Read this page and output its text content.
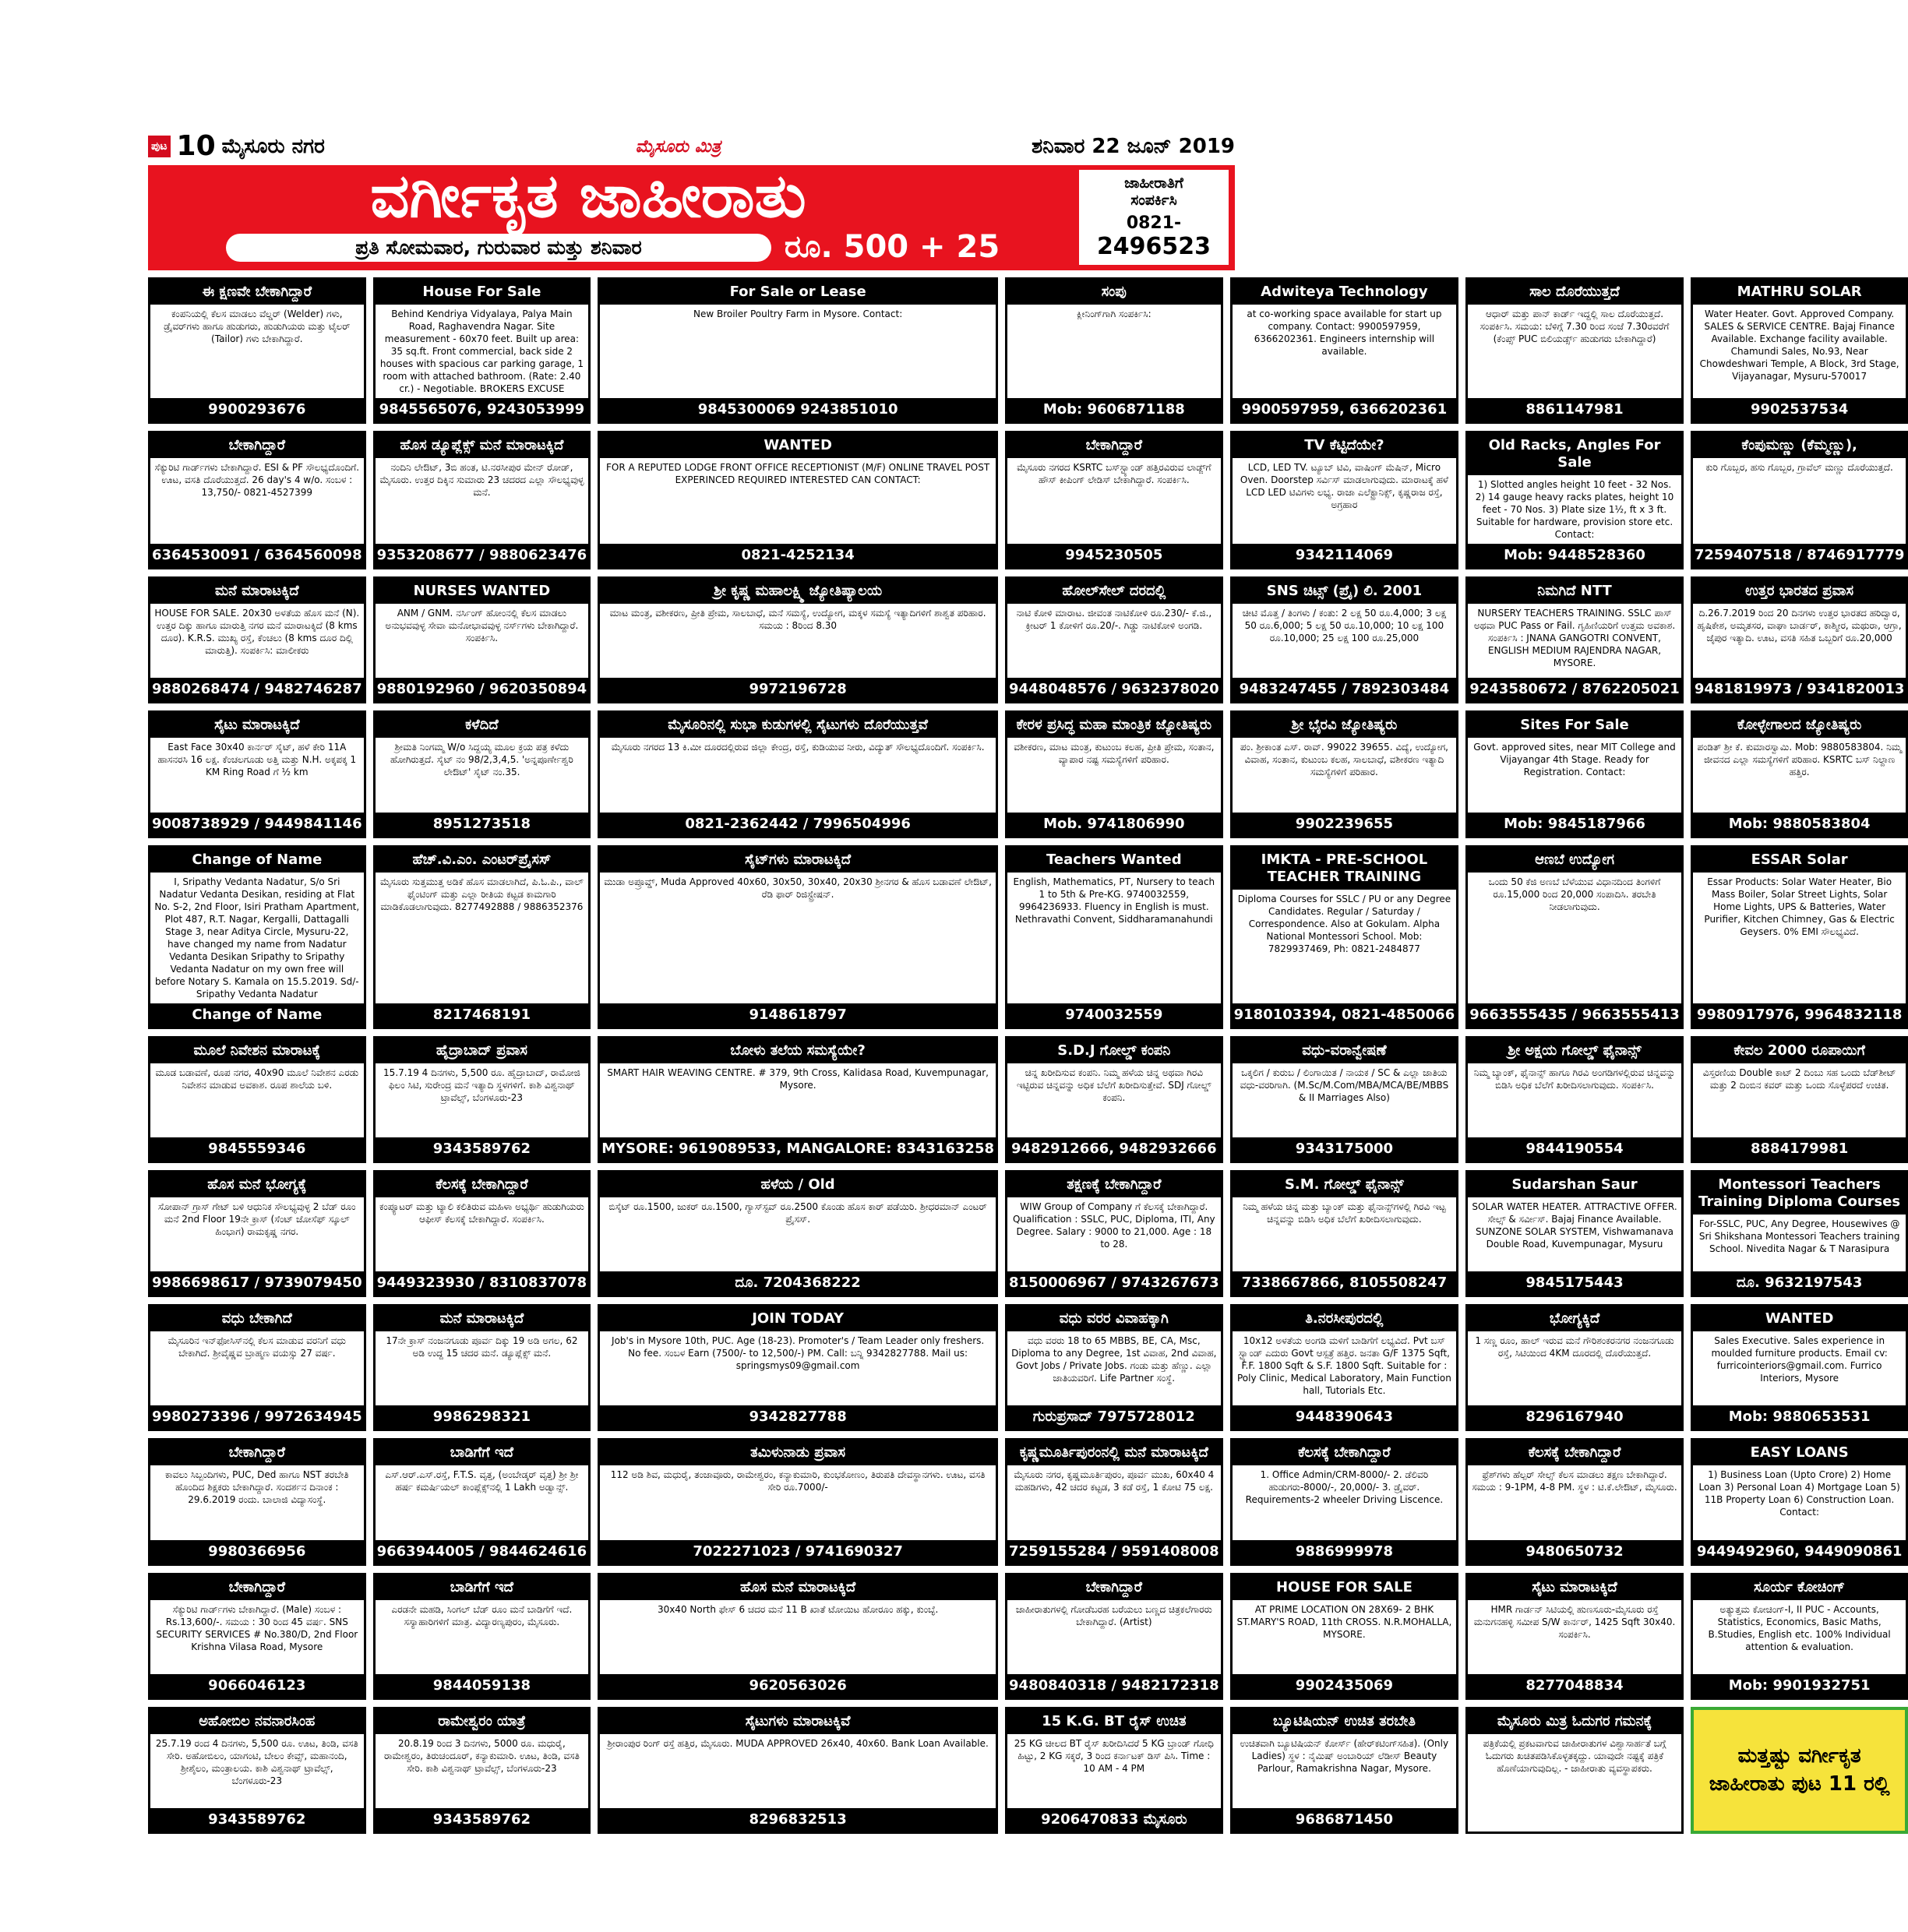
ಪುಟ 10 ಮೈಸೂರು ನಗರ	ಮೈಸೂರು ಮಿತ್ರ	ಶನಿವಾರ 22 ಜೂನ್ 2019
ವರ್ಗೀಕೃತ ಜಾಹೀರಾತು
ಪ್ರತಿ ಸೋಮವಾರ, ಗುರುವಾರ ಮತ್ತು ಶನಿವಾರ	ರೂ. 500 + 25
ಜಾಹೀರಾತಿಗೆ
ಸಂಪರ್ಕಿಸಿ
0821-
2496523
ಈ ಕ್ಷಣವೇ ಬೇಕಾಗಿದ್ದಾರೆ
ಕಂಪನಿಯಲ್ಲಿ ಕೆಲಸ ಮಾಡಲು ವೆಲ್ಡರ್ (Welder) ಗಳು, ಡ್ರೈವರ್‌ಗಳು ಹಾಗೂ ಹುಡುಗರು, ಹುಡುಗಿಯರು ಮತ್ತು ಟೈಲರ್ (Tailor) ಗಳು ಬೇಕಾಗಿದ್ದಾರೆ.
9900293676
House For Sale
Behind Kendriya Vidyalaya, Palya Main Road, Raghavendra Nagar. Site measurement - 60x70 feet. Built up area: 35 sq.ft. Front commercial, back side 2 houses with spacious car parking garage, 1 room with attached bathroom. (Rate: 2.40 cr.) - Negotiable. BROKERS EXCUSE
9845565076, 9243053999
For Sale or Lease
New Broiler Poultry Farm in Mysore. Contact:
9845300069 9243851010
ಸಂಪು
ಕ್ಲೀನಿಂಗ್‌ಗಾಗಿ ಸಂಪರ್ಕಿಸಿ:
Mob: 9606871188
Adwiteya Technology
at co-working space available for start up company. Contact: 9900597959, 6366202361. Engineers internship will available.
9900597959, 6366202361
ಸಾಲ ದೊರೆಯುತ್ತದೆ
ಆಧಾರ್ ಮತ್ತು ಪಾನ್ ಕಾರ್ಡ್ ಇದ್ದಲ್ಲಿ ಸಾಲ ದೊರೆಯುತ್ತದೆ. ಸಂಪರ್ಕಿಸಿ. ಸಮಯ: ಬೆಳಿಗ್ಗೆ 7.30 ರಿಂದ ಸಂಜೆ 7.30ರವರೆಗೆ (ಕೆಂಪ್ಸ್ PUC ಬಿಲಿಯರ್ಡ್ಸ್ ಹುಡುಗರು ಬೇಕಾಗಿದ್ದಾರೆ)
8861147981
MATHRU SOLAR
Water Heater. Govt. Approved Company. SALES & SERVICE CENTRE. Bajaj Finance Available. Exchange facility available. Chamundi Sales, No.93, Near Chowdeshwari Temple, A Block, 3rd Stage, Vijayanagar, Mysuru-570017
9902537534
ಬೇಕಾಗಿದ್ದಾರೆ
ಸೆಕ್ಯುರಿಟಿ ಗಾರ್ಡ್‌ಗಳು ಬೇಕಾಗಿದ್ದಾರೆ. ESI & PF ಸೌಲಭ್ಯದೊಂದಿಗೆ. ಊಟ, ವಸತಿ ದೊರೆಯುತ್ತದೆ. 26 day's 4 w/o. ಸಂಬಳ : 13,750/- 0821-4527399
6364530091 / 6364560098
ಹೊಸ ಡ್ಯೂಪ್ಲೆಕ್ಸ್ ಮನೆ ಮಾರಾಟಕ್ಕಿದೆ
ನಂದಿನಿ ಲೇಔಟ್, 3ಬಿ ಹಂತ, ಟಿ.ನರಸೀಪುರ ಮೇನ್ ರೋಡ್, ಮೈಸೂರು. ಉತ್ತರ ದಿಕ್ಕಿನ ಸುಮಾರು 23 ಚದರದ ಎಲ್ಲಾ ಸೌಲಭ್ಯವುಳ್ಳ ಮನೆ.
9353208677 / 9880623476
WANTED
FOR A REPUTED LODGE FRONT OFFICE RECEPTIONIST (M/F) ONLINE TRAVEL POST EXPERINCED REQUIRED INTERESTED CAN CONTACT:
0821-4252134
ಬೇಕಾಗಿದ್ದಾರೆ
ಮೈಸೂರು ನಗರದ KSRTC ಬಸ್‌ಸ್ಟ್ಯಾಂಡ್ ಹತ್ತಿರವಿರುವ ಲಾಡ್ಜ್‌ಗೆ ಹೌಸ್ ಕೀಪಿಂಗ್ ಲೇಡಿಸ್ ಬೇಕಾಗಿದ್ದಾರೆ. ಸಂಪರ್ಕಿಸಿ.
9945230505
TV ಕೆಟ್ಟಿದೆಯೇ?
LCD, LED TV. ಟ್ಯೂಬ್ ಟಿವಿ, ವಾಷಿಂಗ್ ಮೆಷಿನ್, Micro Oven. Doorstep ಸರ್ವಿಸ್ ಮಾಡಲಾಗುವುದು. ಮಾರಾಟಕ್ಕೆ ಹಳೆ LCD LED ಟಿವಿಗಳು ಲಭ್ಯ. ರಾಜಾ ಎಲೆಕ್ಟ್ರಾನಿಕ್ಸ್, ಕೃಷ್ಣರಾಜ ರಸ್ತೆ, ಅಗ್ರಹಾರ
9342114069
Old Racks, Angles For Sale
1) Slotted angles height 10 feet - 32 Nos. 2) 14 gauge heavy racks plates, height 10 feet - 70 Nos. 3) Plate size 1½, ft x 3 ft. Suitable for hardware, provision store etc. Contact:
Mob: 9448528360
ಕೆಂಪುಮಣ್ಣು (ಕೆಮ್ಮಣ್ಣು),
ಕುರಿ ಗೊಬ್ಬರ, ಹಸು ಗೊಬ್ಬರ, ಗ್ರಾವೆಲ್ ಮಣ್ಣು ದೊರೆಯುತ್ತದೆ.
7259407518 / 8746917779
ಮನೆ ಮಾರಾಟಕ್ಕಿದೆ
HOUSE FOR SALE. 20x30 ಅಳತೆಯ ಹೊಸ ಮನೆ (N). ಉತ್ತರ ದಿಕ್ಕು ಹಾಗೂ ಮಾರುತ್ತಿ ನಗರ ಮನೆ ಮಾರಾಟಕ್ಕಿದೆ (8 kms ದೂರ). K.R.S. ಮುಖ್ಯ ರಸ್ತೆ, ಕೆಂಚಲು (8 kms ದೂರ ದಿಲ್ಲಿ ಮಾರುತ್ತಿ). ಸಂಪರ್ಕಿಸಿ: ಮಾಲೀಕರು
9880268474 / 9482746287
NURSES WANTED
ANM / GNM. ನರ್ಸಿಂಗ್ ಹೋಂನಲ್ಲಿ ಕೆಲಸ ಮಾಡಲು ಅನುಭವವುಳ್ಳ ಸೇವಾ ಮನೋಭಾವವುಳ್ಳ ನರ್ಸ್‌ಗಳು ಬೇಕಾಗಿದ್ದಾರೆ. ಸಂಪರ್ಕಿಸಿ.
9880192960 / 9620350894
ಶ್ರೀ ಕೃಷ್ಣ ಮಹಾಲಕ್ಷ್ಮಿ ಜ್ಯೋತಿಷ್ಯಾಲಯ
ಮಾಟ ಮಂತ್ರ, ವಶೀಕರಣ, ಪ್ರೀತಿ ಪ್ರೇಮ, ಸಾಲಬಾಧೆ, ಮನೆ ಸಮಸ್ಯೆ, ಉದ್ಯೋಗ, ಮಕ್ಕಳ ಸಮಸ್ಯೆ ಇತ್ಯಾದಿಗಳಿಗೆ ಶಾಶ್ವತ ಪರಿಹಾರ. ಸಮಯ : 8ರಿಂದ 8.30
9972196728
ಹೋಲ್‌ಸೇಲ್ ದರದಲ್ಲಿ
ನಾಟಿ ಕೋಳಿ ಮಾರಾಟ. ಜೀವಂತ ನಾಟಿಕೋಳಿ ರೂ.230/- ಕೆ.ಜಿ., ಕ್ರೀಟರ್ 1 ಕೋಳಿಗೆ ರೂ.20/-. ಗಿಡ್ಡು ನಾಟಿಕೋಳಿ ಅಂಗಡಿ.
9448048576 / 9632378020
SNS ಚಿಟ್ಸ್ (ಪ್ರೈ) ಲಿ. 2001
ಚೀಟಿ ಮೊತ್ತ / ತಿಂಗಳು / ಕಂತು: 2 ಲಕ್ಷ 50 ರೂ.4,000; 3 ಲಕ್ಷ 50 ರೂ.6,000; 5 ಲಕ್ಷ 50 ರೂ.10,000; 10 ಲಕ್ಷ 100 ರೂ.10,000; 25 ಲಕ್ಷ 100 ರೂ.25,000
9483247455 / 7892303484
ನಿಮಗಿದೆ NTT
NURSERY TEACHERS TRAINING. SSLC ಪಾಸ್ ಅಥವಾ PUC Pass or Fail. ಗೃಹಿಣಿಯರಿಗೆ ಉತ್ತಮ ಅವಕಾಶ. ಸಂಪರ್ಕಿಸಿ : JNANA GANGOTRI CONVENT, ENGLISH MEDIUM RAJENDRA NAGAR, MYSORE.
9243580672 / 8762205021
ಉತ್ತರ ಭಾರತದ ಪ್ರವಾಸ
ದಿ.26.7.2019 ರಿಂದ 20 ದಿನಗಳು ಉತ್ತರ ಭಾರತದ ಹರಿದ್ವಾರ, ಹೃಷಿಕೇಶ, ಅಮೃತಸರ, ವಾಘಾ ಬಾರ್ಡರ್, ಕಾಶ್ಮೀರ, ಮಥುರಾ, ಆಗ್ರಾ, ಜೈಪುರ ಇತ್ಯಾದಿ. ಊಟ, ವಸತಿ ಸಹಿತ ಒಬ್ಬರಿಗೆ ರೂ.20,000
9481819973 / 9341820013
ಸೈಟು ಮಾರಾಟಕ್ಕಿದೆ
East Face 30x40 ಕಾರ್ನರ್ ಸೈಟ್, ಹಳೆ ಕೇರಿ 11A ಹಾಸನರಸಿ 16 ಲಕ್ಷ. ಕೆಂಚಲಗೂಡು ಅತ್ತಿ ಮತ್ತು N.H. ಅಕ್ಕಪಕ್ಕ 1 KM Ring Road ಗೆ ½ km
9008738929 / 9449841146
ಕಳೆದಿದೆ
ಶ್ರೀಮತಿ ನಿಂಗಮ್ಮ W/o ಸಿದ್ದಯ್ಯ ಮೂಲ ಕ್ರಯ ಪತ್ರ ಕಳೆದು ಹೋಗಿರುತ್ತದೆ. ಸೈಟ್ ನಂ 98/2,3,4,5. 'ಅನ್ನಪೂರ್ಣೇಶ್ವರಿ ಲೇಔಟ್' ಸೈಟ್ ನಂ.35.
8951273518
ಮೈಸೂರಿನಲ್ಲಿ ಸುಭಾ ಕುಡುಗಳಲ್ಲಿ ಸೈಟುಗಳು ದೊರೆಯುತ್ತವೆ
ಮೈಸೂರು ನಗರದ 13 ಕಿ.ಮೀ ದೂರದಲ್ಲಿರುವ ಜಿಲ್ಲಾ ಕೇಂದ್ರ, ರಸ್ತೆ, ಕುಡಿಯುವ ನೀರು, ವಿದ್ಯುತ್ ಸೌಲಭ್ಯದೊಂದಿಗೆ. ಸಂಪರ್ಕಿಸಿ.
0821-2362442 / 7996504996
ಕೇರಳ ಪ್ರಸಿದ್ಧ ಮಹಾ ಮಾಂತ್ರಿಕ ಜ್ಯೋತಿಷ್ಯರು
ವಶೀಕರಣ, ಮಾಟ ಮಂತ್ರ, ಕುಟುಂಬ ಕಲಹ, ಪ್ರೀತಿ ಪ್ರೇಮ, ಸಂತಾನ, ವ್ಯಾಪಾರ ನಷ್ಟ ಸಮಸ್ಯೆಗಳಿಗೆ ಪರಿಹಾರ.
Mob. 9741806990
ಶ್ರೀ ಭೈರವಿ ಜ್ಯೋತಿಷ್ಯರು
ಪಂ. ಶ್ರೀಕಾಂತ ಎಸ್. ರಾವ್. 99022 39655. ವಿದ್ಯೆ, ಉದ್ಯೋಗ, ವಿವಾಹ, ಸಂತಾನ, ಕುಟುಂಬ ಕಲಹ, ಸಾಲಬಾಧೆ, ವಶೀಕರಣ ಇತ್ಯಾದಿ ಸಮಸ್ಯೆಗಳಿಗೆ ಪರಿಹಾರ.
9902239655
Sites For Sale
Govt. approved sites, near MIT College and Vijayangar 4th Stage. Ready for Registration. Contact:
Mob: 9845187966
ಕೋಳ್ಳೇಗಾಲದ ಜ್ಯೋತಿಷ್ಯರು
ಪಂಡಿತ್ ಶ್ರೀ ಕೆ. ಕುಮಾರಸ್ವಾಮಿ. Mob: 9880583804. ನಿಮ್ಮ ಜೀವನದ ಎಲ್ಲಾ ಸಮಸ್ಯೆಗಳಿಗೆ ಪರಿಹಾರ. KSRTC ಬಸ್ ನಿಲ್ದಾಣ ಹತ್ತಿರ.
Mob: 9880583804
Change of Name
I, Sripathy Vedanta Nadatur, S/o Sri Nadatur Vedanta Desikan, residing at Flat No. S-2, 2nd Floor, Isiri Pratham Apartment, Plot 487, R.T. Nagar, Kergalli, Dattagalli Stage 3, near Aditya Circle, Mysuru-22, have changed my name from Nadatur Vedanta Desikan Sripathy to Sripathy Vedanta Nadatur on my own free will before Notary S. Kamala on 15.5.2019. Sd/- Sripathy Vedanta Nadatur
Change of Name
ಹೆಚ್.ವಿ.ಎಂ. ಎಂಟರ್‌ಪ್ರೈಸಸ್
ಮೈಸೂರು ಸುತ್ತಮುತ್ತ ಅಡಿಕೆ ಹೊಸ ಮಾಡಲಾಗಿದೆ, ಪಿ.ಓ.ಪಿ., ವಾಲ್ ಫೈಂಟಿಂಗ್ ಮತ್ತು ಎಲ್ಲಾ ರೀತಿಯ ಕಟ್ಟಡ ಕಾಮಗಾರಿ ಮಾಡಿಕೊಡಲಾಗುವುದು. 8277492888 / 9886352376
8217468191
ಸೈಟ್‌ಗಳು ಮಾರಾಟಕ್ಕಿದೆ
ಮುಡಾ ಅಪ್ರೂವ್ಡ್, Muda Approved 40x60, 30x50, 30x40, 20x30 ಶ್ರೀನಗರ & ಹೊಸ ಬಡಾವಣೆ ಲೇಔಟ್, ರೆಡಿ ಫಾರ್ ರಿಜಿಸ್ಟ್ರೇಷನ್.
9148618797
Teachers Wanted
English, Mathematics, PT, Nursery to teach 1 to 5th & Pre-KG. 9740032559, 9964236933. Fluency in English is must. Nethravathi Convent, Siddharamanahundi
9740032559
IMKTA - PRE-SCHOOL TEACHER TRAINING
Diploma Courses for SSLC / PU or any Degree Candidates. Regular / Saturday / Correspondence. Also at Gokulam. Alpha National Montessori School. Mob: 7829937469, Ph: 0821-2484877
9180103394, 0821-4850066
ಆಣಬೆ ಉದ್ಯೋಗ
ಒಂದು 50 ಕೆಜಿ ಅಣಬೆ ಬೆಳೆಯುವ ವಿಧಾನದಿಂದ ತಿಂಗಳಿಗೆ ರೂ.15,000 ರಿಂದ 20,000 ಸಂಪಾದಿಸಿ. ತರಬೇತಿ ನೀಡಲಾಗುವುದು.
9663555435 / 9663555413
ESSAR Solar
Essar Products: Solar Water Heater, Bio Mass Boiler, Solar Street Lights, Solar Home Lights, UPS & Batteries, Water Purifier, Kitchen Chimney, Gas & Electric Geysers. 0% EMI ಸೌಲಭ್ಯವಿದೆ.
9980917976, 9964832118
ಮೂಲೆ ನಿವೇಶನ ಮಾರಾಟಕ್ಕೆ
ಮೂಡ ಬಡಾವಣೆ, ರೂಪ ನಗರ, 40x90 ಮೂಲೆ ನಿವೇಶನ ಎರಡು ನಿವೇಶನ ಮಾಡುವ ಅವಕಾಶ. ರೂಪ ಶಾಲೆಯ ಬಳಿ.
9845559346
ಹೈದ್ರಾಬಾದ್ ಪ್ರವಾಸ
15.7.19 4 ದಿನಗಳು, 5,500 ರೂ. ಹೈದ್ರಾಬಾದ್, ರಾಮೋಜಿ ಫಿಲಂ ಸಿಟಿ, ಸುರೇಂದ್ರ ಮನೆ ಇತ್ಯಾದಿ ಸ್ಥಳಗಳಿಗೆ. ಕಾಶಿ ವಿಶ್ವನಾಥ್ ಟ್ರಾವೆಲ್ಸ್, ಬೆಂಗಳೂರು-23
9343589762
ಬೋಳು ತಲೆಯ ಸಮಸ್ಯೆಯೇ?
SMART HAIR WEAVING CENTRE. # 379, 9th Cross, Kalidasa Road, Kuvempunagar, Mysore.
MYSORE: 9619089533, MANGALORE: 8343163258
S.D.J ಗೋಲ್ಡ್ ಕಂಪನಿ
ಚಿನ್ನ ಖರೀದಿಸುವ ಕಂಪನಿ. ನಿಮ್ಮ ಹಳೆಯ ಚಿನ್ನ ಅಥವಾ ಗಿರವಿ ಇಟ್ಟಿರುವ ಚಿನ್ನವನ್ನು ಅಧಿಕ ಬೆಲೆಗೆ ಖರೀದಿಸುತ್ತೇವೆ. SDJ ಗೋಲ್ಡ್ ಕಂಪನಿ.
9482912666, 9482932666
ವಧು-ವರಾನ್ವೇಷಣೆ
ಒಕ್ಕಲಿಗ / ಕುರುಬ / ಲಿಂಗಾಯಿತ / ನಾಯಕ / SC & ಎಲ್ಲಾ ಜಾತಿಯ ವಧು-ವರರಿಗಾಗಿ. (M.Sc/M.Com/MBA/MCA/BE/MBBS & II Marriages Also)
9343175000
ಶ್ರೀ ಅಕ್ಷಯ ಗೋಲ್ಡ್ ಫೈನಾನ್ಸ್
ನಿಮ್ಮ ಬ್ಯಾಂಕ್, ಫೈನಾನ್ಸ್ ಹಾಗೂ ಗಿರವಿ ಅಂಗಡಿಗಳಲ್ಲಿರುವ ಚಿನ್ನವನ್ನು ಬಿಡಿಸಿ ಅಧಿಕ ಬೆಲೆಗೆ ಖರೀದಿಸಲಾಗುವುದು. ಸಂಪರ್ಕಿಸಿ.
9844190554
ಕೇವಲ 2000 ರೂಪಾಯಿಗೆ
ವಿಸ್ತರಣಿಯ Double ಕಾಟ್ 2 ದಿಂಬು ಸಹ ಒಂದು ಬೆಡ್‌ಶೀಟ್ ಮತ್ತು 2 ದಿಂಬಿನ ಕವರ್ ಮತ್ತು ಒಂದು ಸೊಳ್ಳೆಪರದೆ ಉಚಿತ.
8884179981
ಹೊಸ ಮನೆ ಭೋಗ್ಯಕ್ಕೆ
ಸೋಪಾನ್ ಗ್ರಾಸ್ ಗೇಟ್ ಬಳಿ ಆಧುನಿಕ ಸೌಲಭ್ಯವುಳ್ಳ 2 ಬೆಡ್ ರೂಂ ಮನೆ 2nd Floor 19ನೇ ಕ್ರಾಸ್ (ಸೆಂಟ್ ಜೋಸೆಫ್ ಸ್ಕೂಲ್ ಹಿಂಭಾಗ) ರಾಮಕೃಷ್ಣ ನಗರ.
9986698617 / 9739079450
ಕೆಲಸಕ್ಕೆ ಬೇಕಾಗಿದ್ದಾರೆ
ಕಂಪ್ಯೂಟರ್ ಮತ್ತು ಟ್ಯಾಲಿ ಕಲಿತಿರುವ ಮಹಿಳಾ ಅಭ್ಯರ್ಥಿ ಹುಡುಗಿಯರು ಆಫೀಸ್ ಕೆಲಸಕ್ಕೆ ಬೇಕಾಗಿದ್ದಾರೆ. ಸಂಪರ್ಕಿಸಿ.
9449323930 / 8310837078
ಹಳೆಯ / Old
ಬಿಸ್ಕೆಟ್ ರೂ.1500, ಜುಕರ್ ರೂ.1500, ಗ್ಯಾಸ್‌ಸ್ಟವ್ ರೂ.2500 ಕೊಂಡು ಹೊಸ ಕಾರ್ ಪಡೆಯಿರಿ. ಶ್ರೀಧರಮಾನ್ ಎಂಟರ್ ಪ್ರೈಸಸ್.
ದೂ. 7204368222
ತಕ್ಷಣಕ್ಕೆ ಬೇಕಾಗಿದ್ದಾರೆ
WIW Group of Company ಗೆ ಕೆಲಸಕ್ಕೆ ಬೇಕಾಗಿದ್ದಾರೆ. Qualification : SSLC, PUC, Diploma, ITI, Any Degree. Salary : 9000 to 21,000. Age : 18 to 28.
8150006967 / 9743267673
S.M. ಗೋಲ್ಡ್ ಫೈನಾನ್ಸ್
ನಿಮ್ಮ ಹಳೆಯ ಚಿನ್ನ ಮತ್ತು ಬ್ಯಾಂಕ್ ಮತ್ತು ಫೈನಾನ್ಸ್‌ಗಳಲ್ಲಿ ಗಿರವಿ ಇಟ್ಟ ಚಿನ್ನವನ್ನು ಬಿಡಿಸಿ ಅಧಿಕ ಬೆಲೆಗೆ ಖರೀದಿಸಲಾಗುವುದು.
7338667866, 8105508247
Sudarshan Saur
SOLAR WATER HEATER. ATTRACTIVE OFFER. ಸೇಲ್ಸ್ & ಸರ್ವೀಸ್. Bajaj Finance Available. SUNZONE SOLAR SYSTEM, Vishwamanava Double Road, Kuvempunagar, Mysuru
9845175443
Montessori Teachers Training Diploma Courses
For-SSLC, PUC, Any Degree, Housewives @ Sri Shikshana Montessori Teachers training School. Nivedita Nagar & T Narasipura
ದೂ. 9632197543
ವಧು ಬೇಕಾಗಿದೆ
ಮೈಸೂರಿನ ಇನ್‌ಫೋಸಿಸ್‌ನಲ್ಲಿ ಕೆಲಸ ಮಾಡುವ ವರನಿಗೆ ವಧು ಬೇಕಾಗಿದೆ. ಶ್ರೀವೈಷ್ಣವ ಬ್ರಾಹ್ಮಣ ವಯಸ್ಸು 27 ವರ್ಷ.
9980273396 / 9972634945
ಮನೆ ಮಾರಾಟಕ್ಕಿದೆ
17ನೇ ಕ್ರಾಸ್ ನಂಜನಗೂಡು ಪೂರ್ವ ದಿಕ್ಕು 19 ಅಡಿ ಅಗಲ, 62 ಅಡಿ ಉದ್ದ 15 ಚದರ ಮನೆ. ಡ್ಯೂಪ್ಲೆಕ್ಸ್ ಮನೆ.
9986298321
JOIN TODAY
Job's in Mysore 10th, PUC. Age (18-23). Promoter's / Team Leader only freshers. No fee. ಸಂಬಳ Earn (7500/- to 12,500/-) PM. Call: ಬನ್ನಿ 9342827788. Mail us: springsmys09@gmail.com
9342827788
ವಧು ವರರ ವಿವಾಹಕ್ಕಾಗಿ
ವಧು ವರರು 18 to 65 MBBS, BE, CA, Msc, Diploma to any Degree, 1st ವಿವಾಹ, 2nd ವಿವಾಹ, Govt Jobs / Private Jobs. ಗಂಡು ಮತ್ತು ಹೆಣ್ಣು. ಎಲ್ಲಾ ಜಾತಿಯವರಿಗೆ. Life Partner ಸಂಸ್ಥೆ.
ಗುರುಪ್ರಸಾದ್ 7975728012
ತಿ.ನರಸೀಪುರದಲ್ಲಿ
10x12 ಅಳತೆಯ ಅಂಗಡಿ ಮಳಿಗೆ ಬಾಡಿಗೆಗೆ ಲಭ್ಯವಿದೆ. Pvt ಬಸ್ ಸ್ಟ್ಯಾಂಡ್ ಎದುರು Govt ಆಸ್ಪತ್ರೆ ಹತ್ತಿರ. ಜನತಾ G/F 1375 Sqft, F.F. 1800 Sqft & S.F. 1800 Sqft. Suitable for : Poly Clinic, Medical Laboratory, Main Function hall, Tutorials Etc.
9448390643
ಭೋಗ್ಯಕ್ಕಿದೆ
1 ಸಣ್ಣ ರೂಂ, ಹಾಲ್ ಇರುವ ಮನೆ ಗೌರಿಶಂಕರನಗರ ನಂಜನಗೂಡು ರಸ್ತೆ, ಸಿಟಿಯಿಂದ 4KM ದೂರದಲ್ಲಿ ದೊರೆಯುತ್ತದೆ.
8296167940
WANTED
Sales Executive. Sales experience in moulded furniture products. Email cv: furricointeriors@gmail.com. Furrico Interiors, Mysore
Mob: 9880653531
ಬೇಕಾಗಿದ್ದಾರೆ
ಕಾವಲು ಸಿಬ್ಬಂದಿಗಳು, PUC, Ded ಹಾಗೂ NST ತರಬೇತಿ ಹೊಂದಿದ ಶಿಕ್ಷಕರು ಬೇಕಾಗಿದ್ದಾರೆ. ಸಂದರ್ಶನ ದಿನಾಂಕ : 29.6.2019 ರಂದು. ಬಾಲಾಜಿ ವಿದ್ಯಾಸಂಸ್ಥೆ.
9980366956
ಬಾಡಿಗೆಗೆ ಇದೆ
ಎಸ್.ಆರ್.ಎಸ್.ರಸ್ತೆ, F.T.S. ವೃತ್ತ, (ಅಂಬೇಡ್ಕರ್ ವೃತ್ತ) ಶ್ರೀ ಶ್ರೀ ಹರ್ಷ ಕಮರ್ಷಿಯಲ್ ಕಾಂಪ್ಲೆಕ್ಸ್‌ನಲ್ಲಿ 1 Lakh ಅಡ್ವಾನ್ಸ್.
9663944005 / 9844624616
ತಮಿಳುನಾಡು ಪ್ರವಾಸ
112 ಅಡಿ ಶಿವ, ಮಧುರೈ, ತಂಜಾವೂರು, ರಾಮೇಶ್ವರಂ, ಕನ್ಯಾಕುಮಾರಿ, ಕುಂಭಕೋಣಂ, ತಿರುಪತಿ ದೇವಸ್ಥಾನಗಳು. ಊಟ, ವಸತಿ ಸೇರಿ ರೂ.7000/-
7022271023 / 9741690327
ಕೃಷ್ಣಮೂರ್ತಿಪುರಂನಲ್ಲಿ ಮನೆ ಮಾರಾಟಕ್ಕಿದೆ
ಮೈಸೂರು ನಗರ, ಕೃಷ್ಣಮೂರ್ತಿಪುರಂ, ಪೂರ್ವ ಮುಖ, 60x40 4 ಮಹಡಿಗಳು, 42 ಚದರ ಕಟ್ಟಡ, 3 ಕಡೆ ರಸ್ತೆ, 1 ಕೋಟಿ 75 ಲಕ್ಷ.
7259155284 / 9591408008
ಕೆಲಸಕ್ಕೆ ಬೇಕಾಗಿದ್ದಾರೆ
1. Office Admin/CRM-8000/- 2. ಡೆಲಿವರಿ ಹುಡುಗರು-8000/-, 20,000/- 3. ಡ್ರೈವರ್. Requirements-2 wheeler Driving Liscence.
9886999978
ಕೆಲಸಕ್ಕೆ ಬೇಕಾಗಿದ್ದಾರೆ
ಫ್ರೆಶ್‌ಗಳು ಹೆಲ್ಪರ್ ಸೇಲ್ಸ್ ಕೆಲಸ ಮಾಡಲು ತಕ್ಷಣ ಬೇಕಾಗಿದ್ದಾರೆ. ಸಮಯ : 9-1PM, 4-8 PM. ಸ್ಥಳ : ಟಿ.ಕೆ.ಲೇಔಟ್, ಮೈಸೂರು.
9480650732
EASY LOANS
1) Business Loan (Upto Crore) 2) Home Loan 3) Personal Loan 4) Mortgage Loan 5) 11B Property Loan 6) Construction Loan. Contact:
9449492960, 9449090861
ಬೇಕಾಗಿದ್ದಾರೆ
ಸೆಕ್ಯುರಿಟಿ ಗಾರ್ಡ್‌ಗಳು ಬೇಕಾಗಿದ್ದಾರೆ. (Male) ಸಂಬಳ : Rs.13,600/-. ಸಮಯ : 30 ರಿಂದ 45 ವರ್ಷ. SNS SECURITY SERVICES # No.380/D, 2nd Floor Krishna Vilasa Road, Mysore
9066046123
ಬಾಡಿಗೆಗೆ ಇದೆ
ಎರಡನೇ ಮಹಡಿ, ಸಿಂಗಲ್ ಬೆಡ್ ರೂಂ ಮನೆ ಬಾಡಿಗೆಗೆ ಇದೆ. ಸಸ್ಯಾಹಾರಿಗಳಿಗೆ ಮಾತ್ರ. ವಿದ್ಯಾರಣ್ಯಪುರಂ, ಮೈಸೂರು.
9844059138
ಹೊಸ ಮನೆ ಮಾರಾಟಕ್ಕಿದೆ
30x40 North ಫೇಸ್ 6 ಚದರ ಮನೆ 11 B ಖಾತೆ ಟೋಯಿಟ ಹೋರೂಂ ಹಕ್ಕು, ಕುಂಬ್ಳೆ.
9620563026
ಬೇಕಾಗಿದ್ದಾರೆ
ಜಾಹೀರಾತುಗಳಲ್ಲಿ ಗೋಡೆಬರಹ ಬರೆಯಲು ಬಣ್ಣದ ಚಿತ್ರಕಲೆಗಾರರು ಬೇಕಾಗಿದ್ದಾರೆ. (Artist)
9480840318 / 9482172318
HOUSE FOR SALE
AT PRIME LOCATION ON 28X69- 2 BHK ST.MARY'S ROAD, 11th CROSS. N.R.MOHALLA, MYSORE.
9902435069
ಸೈಟು ಮಾರಾಟಕ್ಕಿದೆ
HMR ಗಾರ್ಡನ್ ಸಿಟಿಯಲ್ಲಿ ಹುಣಸೂರು-ಮೈಸೂರು ರಸ್ತೆ ಮನುಗನಹಳ್ಳಿ ಸಮೀಪ S/W ಕಾರ್ನರ್, 1425 Sqft 30x40. ಸಂಪರ್ಕಿಸಿ.
8277048834
ಸೂರ್ಯ ಕೋಚಿಂಗ್
ಅತ್ಯುತ್ತಮ ಕೋಚಿಂಗ್-I, II PUC - Accounts, Statistics, Economics, Basic Maths, B.Studies, English etc. 100% Individual attention & evaluation.
Mob: 9901932751
ಅಹೋಬಿಲ ನವನಾರಸಿಂಹ
25.7.19 ರಂದ 4 ದಿನಗಳು, 5,500 ರೂ. ಊಟ, ತಿಂಡಿ, ವಸತಿ ಸೇರಿ. ಅಹೋಬಿಲಂ, ಯಾಗಂಟಿ, ಬೇಲಂ ಕೇವ್ಸ್, ಮಹಾನಂದಿ, ಶ್ರೀಶೈಲಂ, ಮಂತ್ರಾಲಯ. ಕಾಶಿ ವಿಶ್ವನಾಥ್ ಟ್ರಾವೆಲ್ಸ್, ಬೆಂಗಳೂರು-23
9343589762
ರಾಮೇಶ್ವರಂ ಯಾತ್ರೆ
20.8.19 ರಿಂದ 3 ದಿನಗಳು, 5000 ರೂ. ಮಧುರೈ, ರಾಮೇಶ್ವರಂ, ತಿರುಚಂದೂರ್, ಕನ್ಯಾಕುಮಾರಿ. ಊಟ, ತಿಂಡಿ, ವಸತಿ ಸೇರಿ. ಕಾಶಿ ವಿಶ್ವನಾಥ್ ಟ್ರಾವೆಲ್ಸ್, ಬೆಂಗಳೂರು-23
9343589762
ಸೈಟುಗಳು ಮಾರಾಟಕ್ಕಿವೆ
ಶ್ರೀರಾಂಪುರ ರಿಂಗ್ ರಸ್ತೆ ಹತ್ತಿರ, ಮೈಸೂರು. MUDA APPROVED 26x40, 40x60. Bank Loan Available.
8296832513
15 K.G. BT ರೈಸ್ ಉಚಿತ
25 KG ಚೀಲದ BT ರೈಸ್ ಖರೀದಿಸಿದರೆ 5 KG ಬ್ರಾಂಡ್ ಗೋಧಿ ಹಿಟ್ಟು, 2 KG ಸಕ್ಕರೆ, 3 ರಿಂದ ಕರ್ನಾಟಕ್ ಡಿಸ್ ಪಿಸಿ. Time : 10 AM - 4 PM
9206470833 ಮೈಸೂರು
ಬ್ಯೂಟಿಷಿಯನ್ ಉಚಿತ ತರಬೇತಿ
ಉಚಿತವಾಗಿ ಬ್ಯೂಟಿಷಿಯನ್ ಕೋರ್ಸ್ (ಹೇರ್‌ಕಟಿಂಗ್‌ಸಹಿತ). (Only Ladies) ಸ್ಥಳ : ನೈಮಿಷ್ ಅಂಬಾರಿಯ್ ಲೆಡೀಸ್ Beauty Parlour, Ramakrishna Nagar, Mysore.
9686871450
ಮೈಸೂರು ಮಿತ್ರ ಓದುಗರ ಗಮನಕ್ಕೆ
ಪತ್ರಿಕೆಯಲ್ಲಿ ಪ್ರಕಟವಾಗುವ ಜಾಹೀರಾತುಗಳ ವಿಶ್ವಾಸಾರ್ಹತೆ ಬಗ್ಗೆ ಓದುಗರು ಖಚಿತಪಡಿಸಿಕೊಳ್ಳತಕ್ಕದ್ದು. ಯಾವುದೇ ನಷ್ಟಕ್ಕೆ ಪತ್ರಿಕೆ ಹೊಣೆಯಾಗುವುದಿಲ್ಲ. - ಜಾಹೀರಾತು ವ್ಯವಸ್ಥಾಪಕರು.
ಮತ್ತಷ್ಟು ವರ್ಗೀಕೃತ ಜಾಹೀರಾತು ಪುಟ 11 ರಲ್ಲಿ
